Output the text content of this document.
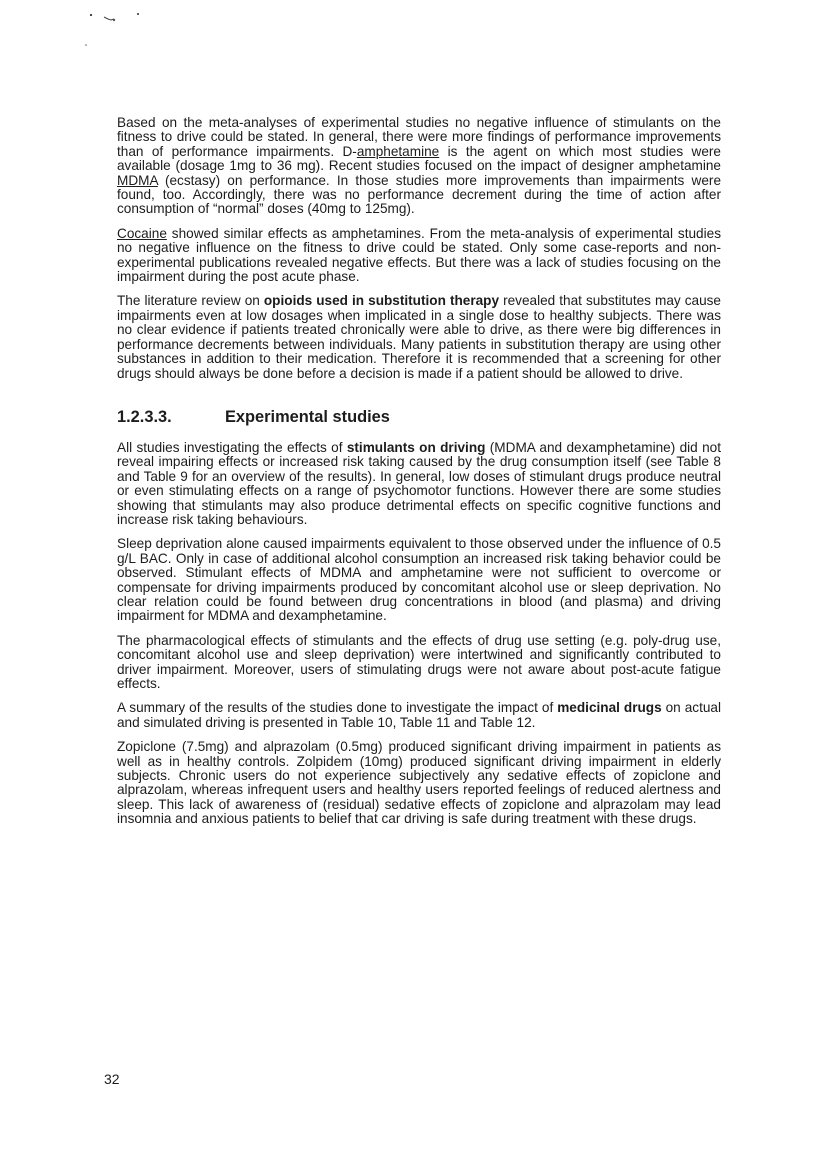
Based on the meta-analyses of experimental studies no negative influence of stimulants on the fitness to drive could be stated. In general, there were more findings of performance improvements than of performance impairments. D-amphetamine is the agent on which most studies were available (dosage 1mg to 36 mg). Recent studies focused on the impact of designer amphetamine MDMA (ecstasy) on performance. In those studies more improvements than impairments were found, too. Accordingly, there was no performance decrement during the time of action after consumption of “normal” doses (40mg to 125mg).

Cocaine showed similar effects as amphetamines. From the meta-analysis of experimental studies no negative influence on the fitness to drive could be stated. Only some case-reports and non-experimental publications revealed negative effects. But there was a lack of studies focusing on the impairment during the post acute phase.

The literature review on opioids used in substitution therapy revealed that substitutes may cause impairments even at low dosages when implicated in a single dose to healthy subjects. There was no clear evidence if patients treated chronically were able to drive, as there were big differences in performance decrements between individuals. Many patients in substitution therapy are using other substances in addition to their medication. Therefore it is recommended that a screening for other drugs should always be done before a decision is made if a patient should be allowed to drive.

1.2.3.3.	Experimental studies

All studies investigating the effects of stimulants on driving (MDMA and dexamphetamine) did not reveal impairing effects or increased risk taking caused by the drug consumption itself (see Table 8 and Table 9 for an overview of the results). In general, low doses of stimulant drugs produce neutral or even stimulating effects on a range of psychomotor functions. However there are some studies showing that stimulants may also produce detrimental effects on specific cognitive functions and increase risk taking behaviours.

Sleep deprivation alone caused impairments equivalent to those observed under the influence of 0.5 g/L BAC. Only in case of additional alcohol consumption an increased risk taking behavior could be observed. Stimulant effects of MDMA and amphetamine were not sufficient to overcome or compensate for driving impairments produced by concomitant alcohol use or sleep deprivation. No clear relation could be found between drug concentrations in blood (and plasma) and driving impairment for MDMA and dexamphetamine.

The pharmacological effects of stimulants and the effects of drug use setting (e.g. poly-drug use, concomitant alcohol use and sleep deprivation) were intertwined and significantly contributed to driver impairment. Moreover, users of stimulating drugs were not aware about post-acute fatigue effects.

A summary of the results of the studies done to investigate the impact of medicinal drugs on actual and simulated driving is presented in Table 10, Table 11 and Table 12.

Zopiclone (7.5mg) and alprazolam (0.5mg) produced significant driving impairment in patients as well as in healthy controls. Zolpidem (10mg) produced significant driving impairment in elderly subjects. Chronic users do not experience subjectively any sedative effects of zopiclone and alprazolam, whereas infrequent users and healthy users reported feelings of reduced alertness and sleep. This lack of awareness of (residual) sedative effects of zopiclone and alprazolam may lead insomnia and anxious patients to belief that car driving is safe during treatment with these drugs.

32
